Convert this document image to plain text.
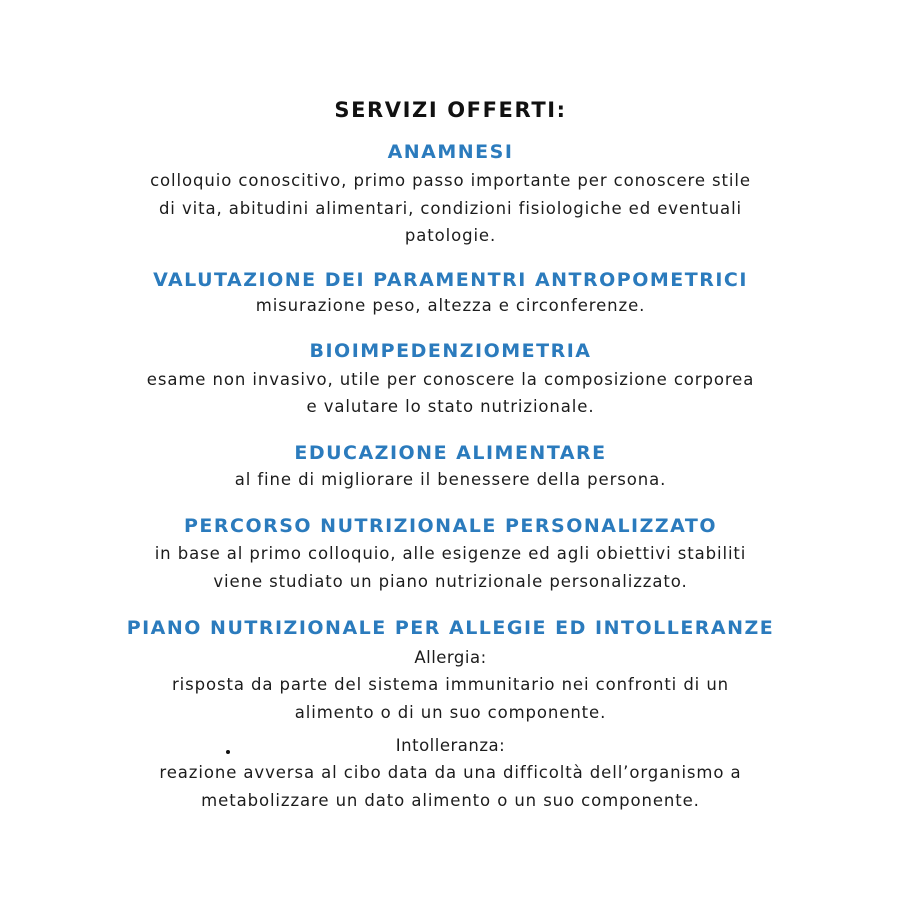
SERVIZI OFFERTI:
ANAMNESI
colloquio conoscitivo, primo passo importante per conoscere stile
di vita, abitudini alimentari, condizioni fisiologiche ed eventuali
patologie.
VALUTAZIONE DEI PARAMENTRI ANTROPOMETRICI
misurazione peso, altezza e circonferenze.
BIOIMPEDENZIOMETRIA
esame non invasivo, utile per conoscere la composizione corporea
e valutare lo stato nutrizionale.
EDUCAZIONE ALIMENTARE
al fine di migliorare il benessere della persona.
PERCORSO NUTRIZIONALE PERSONALIZZATO
in base al primo colloquio, alle esigenze ed agli obiettivi stabiliti
viene studiato un piano nutrizionale personalizzato.
PIANO NUTRIZIONALE PER ALLEGIE ED INTOLLERANZE
Allergia:
risposta da parte del sistema immunitario nei confronti di un
alimento o di un suo componente.
Intolleranza:
reazione avversa al cibo data da una difficoltà dell’organismo a
metabolizzare un dato alimento o un suo componente.
